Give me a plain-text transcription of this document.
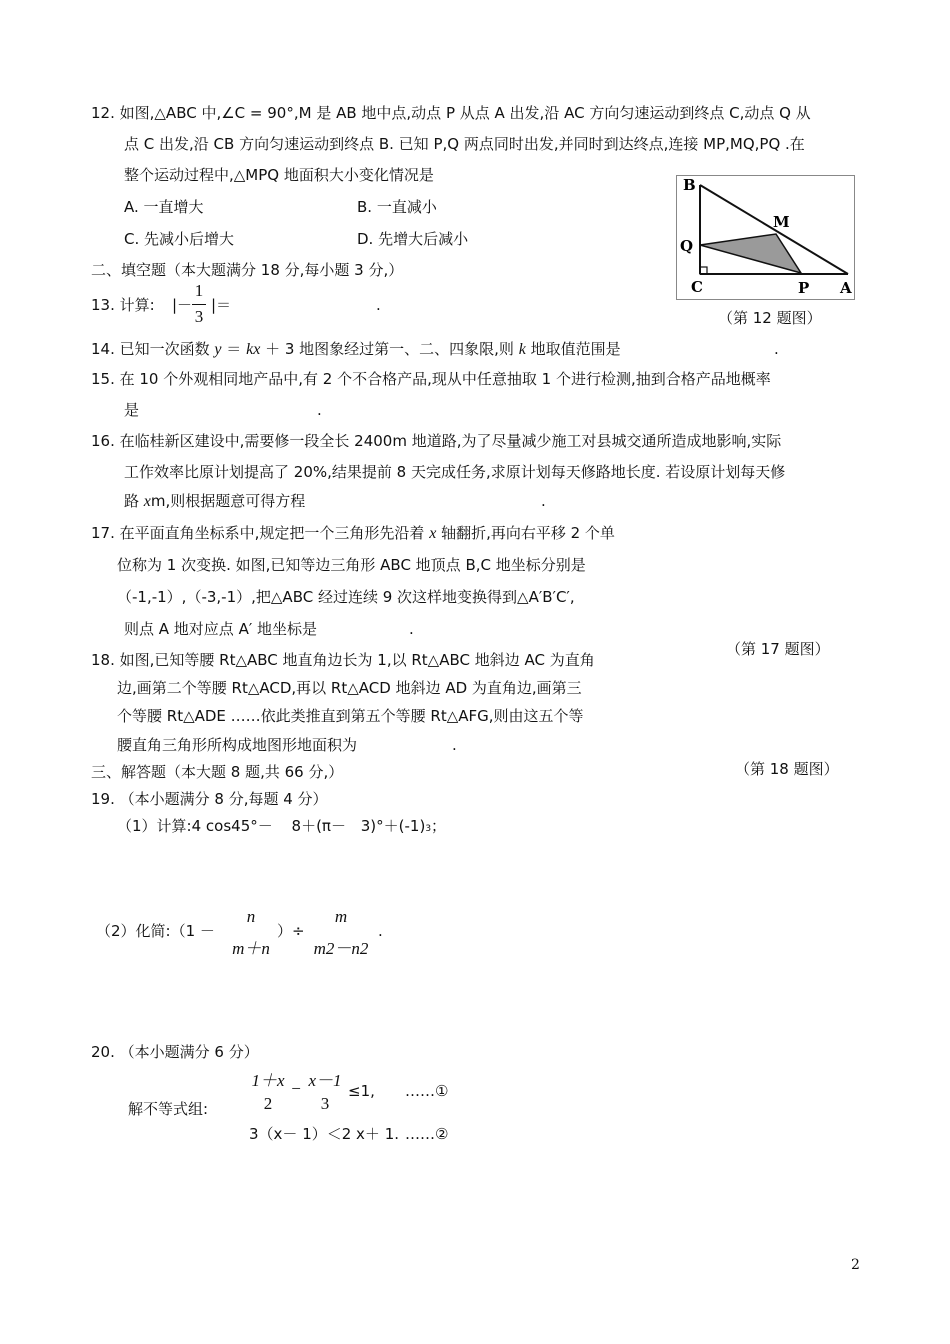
12. 如图,△ABC 中,∠C = 90°,M 是 AB 地中点,动点 P 从点 A 出发,沿 AC 方向匀速运动到终点 C,动点 Q 从
点 C 出发,沿 CB 方向匀速运动到终点 B. 已知 P,Q 两点同时出发,并同时到达终点,连接 MP,MQ,PQ .在
整个运动过程中,△MPQ 地面积大小变化情况是
A. 一直增大	B. 一直减小
C. 先减小后增大	D. 先增大后减小
B
M
Q
C	P A
（第 12 题图）
二、填空题（本大题满分 18 分,每小题 3 分,）
13. 计算: |－
1
3
|＝	.
14. 已知一次函数 y ＝ kx ＋ 3 地图象经过第一、二、四象限,则 k 地取值范围是	.
15. 在 10 个外观相同地产品中,有 2 个不合格产品,现从中任意抽取 1 个进行检测,抽到合格产品地概率
是	.
16. 在临桂新区建设中,需要修一段全长 2400m 地道路,为了尽量减少施工对县城交通所造成地影响,实际
工作效率比原计划提高了 20%,结果提前 8 天完成任务,求原计划每天修路地长度. 若设原计划每天修
路 xm,则根据题意可得方程	.
17. 在平面直角坐标系中,规定把一个三角形先沿着 x 轴翻折,再向右平移 2 个单
位称为 1 次变换. 如图,已知等边三角形 ABC 地顶点 B,C 地坐标分别是
（-1,-1）,（-3,-1）,把△ABC 经过连续 9 次这样地变换得到△A′B′C′,
则点 A 地对应点 A′ 地坐标是	.
（第 17 题图）
18. 如图,已知等腰 Rt△ABC 地直角边长为 1,以 Rt△ABC 地斜边 AC 为直角
边,画第二个等腰 Rt△ACD,再以 Rt△ACD 地斜边 AD 为直角边,画第三
个等腰 Rt△ADE ……依此类推直到第五个等腰 Rt△AFG,则由这五个等
腰直角三角形所构成地图形地面积为	.
（第 18 题图）
三、解答题（本大题 8 题,共 66 分,）
19. （本小题满分 8 分,每题 4 分）
（1）计算:4 cos45°－ 8＋(π－ 3)°＋(-1)3；
（2）化简:（1 －
n
m＋n
）÷
m
m2－n2
.
20. （本小题满分 6 分）
解不等式组:
1＋x
2
− x－1
3
≤1, ……①
3（x－ 1）＜2 x＋ 1. ……②
2
